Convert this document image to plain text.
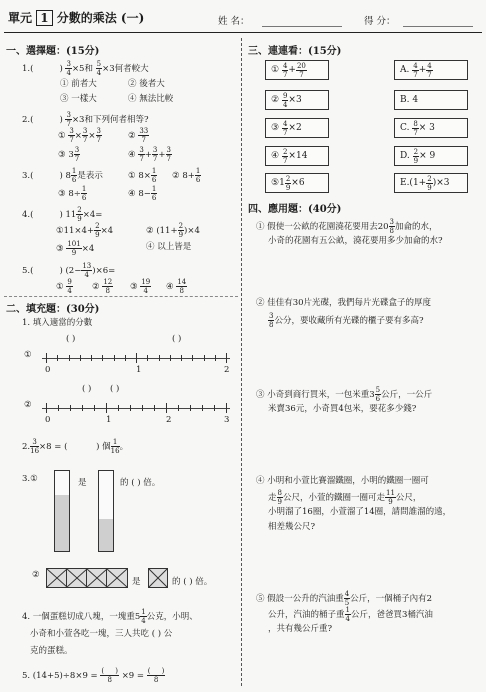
單元 1 分數的乘法 (一)	姓 名：	得 分：
一、選擇題：(15分)
1.(	) $\frac{3}{4} \times 5$和 $\frac{5}{4} \times 3$何者較大
① 前者大	② 後者大
③ 一樣大	④ 無法比較
2.(	) $\frac{3}{7} \times 3$和下列何者相等?
① $\frac{3}{7} \times \frac{3}{7} \times \frac{3}{7}$	② $\frac{33}{7}$
③ $3 \frac{3}{7}$	④ $\frac{3}{7} + \frac{3}{7} + \frac{3}{7}$
3.(	) $8 \frac{1}{6}$ 是表示	① $8\times \frac{1}{6}$ ② $8+ \frac{1}{6}$
③ $8\div \frac{1}{6}$	④ $8- \frac{1}{6}$
4.(	) $11 \frac{2}{9} \times 4=$
①11×4+ $\frac{2}{9} \times 4$	② $(11+ \frac{2}{9} )\times 4$
③ $\frac{101}{9} \times 4$	④ 以上皆是
5.(	) $(2- \frac{13}{4} )\times 6=$
① $\frac{9}{4}$ ② $\frac{12}{8}$ ③ $\frac{19}{4}$ ④ $\frac{14}{8}$
二、填充題：(30分)
1. 填入適當的分數
( )	( )
①
0	1	2
( ) ( )
②
0	1	2	3
2. $\frac{3}{16} \times 8$ = (	) 個 $\frac{1}{16}$ 。
3.①	是	的 ( ) 倍。
②
是	的 ( ) 倍。
4. 一個蛋糕切成八塊，一塊重$5 \frac{1}{4}$ 公克，小明、
小奇和小萱各吃一塊，三人共吃 ( ) 公
克的蛋糕。
5. $(14+5)\div 8\times 9 = \frac{( )}{8} \times 9 = \frac{( )}{8}$
三、連連看：(15分)
①
$\frac{4}{7} + \frac{20}{7}$
②
$\frac{9}{4} \times 3$
③
$\frac{4}{7} \times 2$
④
$\frac{2}{7} \times 14$
⑤ $1 \frac{2}{9} \times 6$
A.
$\frac{4}{7} + \frac{4}{7}$
B. 4
C.
$\frac{8}{7} \times 3$
D.
$\frac{2}{9} \times 9$
$E.(1+ \frac{2}{9} )\times 3$
四、應用題：(40分)
① 假使一公畝的花園澆花要用去$20 \frac{3}{8}$ 加侖的水，
小奇的花園有五公畝，澆花要用多少加侖的水?
② 佳佳有30片光碟，我們每片光碟盒子的厚度
$\frac{3}{8}$ 公分，要收藏所有光碟的櫃子要有多高?
③ 小奇到商行買米，一包米重$3 \frac{5}{6}$ 公斤，一公斤
米賣36元，小奇買4包米，要花多少錢?
④ 小明和小萱比賽溜鐵圈，小明的鐵圈一圈可
走 $\frac{8}{9}$ 公尺，小萱的鐵圈一圈可走 $\frac{11}{9}$ 公尺，
小明溜了16圈，小萱溜了14圈，請問誰溜的遠，
相差幾公尺?
⑤ 假設一公升的汽油重 $\frac{4}{5}$ 公斤，一個桶子內有2
公升，汽油的桶子重 $\frac{1}{4}$ 公斤，爸爸買3桶汽油
，共有幾公斤重?
